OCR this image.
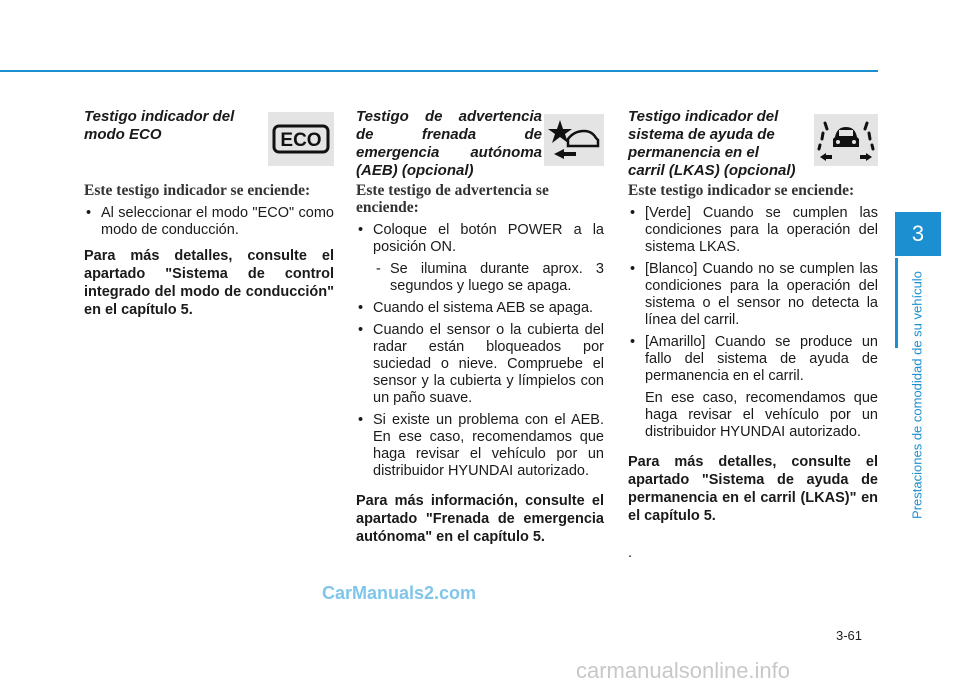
Testigo indicador del
modo ECO	ECO
Este testigo indicador se enciende:
• Al seleccionar el modo "ECO" como modo de conducción.
Para más detalles, consulte el apartado "Sistema de control integrado del modo de conducción" en el capítulo 5.
Testigo de advertencia
de frenada de
emergencia autónoma
(AEB) (opcional)
Este testigo de advertencia se enciende:
• Coloque el botón POWER a la posición ON.
- Se ilumina durante aprox. 3 segundos y luego se apaga.
• Cuando el sistema AEB se apaga.
• Cuando el sensor o la cubierta del radar están bloqueados por suciedad o nieve. Compruebe el sensor y la cubierta y límpielos con un paño suave.
• Si existe un problema con el AEB. En ese caso, recomendamos que haga revisar el vehículo por un distribuidor HYUNDAI autorizado.
Para más información, consulte el apartado "Frenada de emergencia autónoma" en el capítulo 5.
Testigo indicador del
sistema de ayuda de
permanencia en el
carril (LKAS) (opcional)
Este testigo indicador se enciende:
• [Verde] Cuando se cumplen las condiciones para la operación del sistema LKAS.
• [Blanco] Cuando no se cumplen las condiciones para la operación del sistema o el sensor no detecta la línea del carril.
• [Amarillo] Cuando se produce un fallo del sistema de ayuda de permanencia en el carril.
En ese caso, recomendamos que haga revisar el vehículo por un distribuidor HYUNDAI autorizado.
Para más detalles, consulte el apartado "Sistema de ayuda de permanencia en el carril (LKAS)" en el capítulo 5.
.
3
Prestaciones de comodidad de su vehículo
3-61
CarManuals2.com
carmanualsonline.info
